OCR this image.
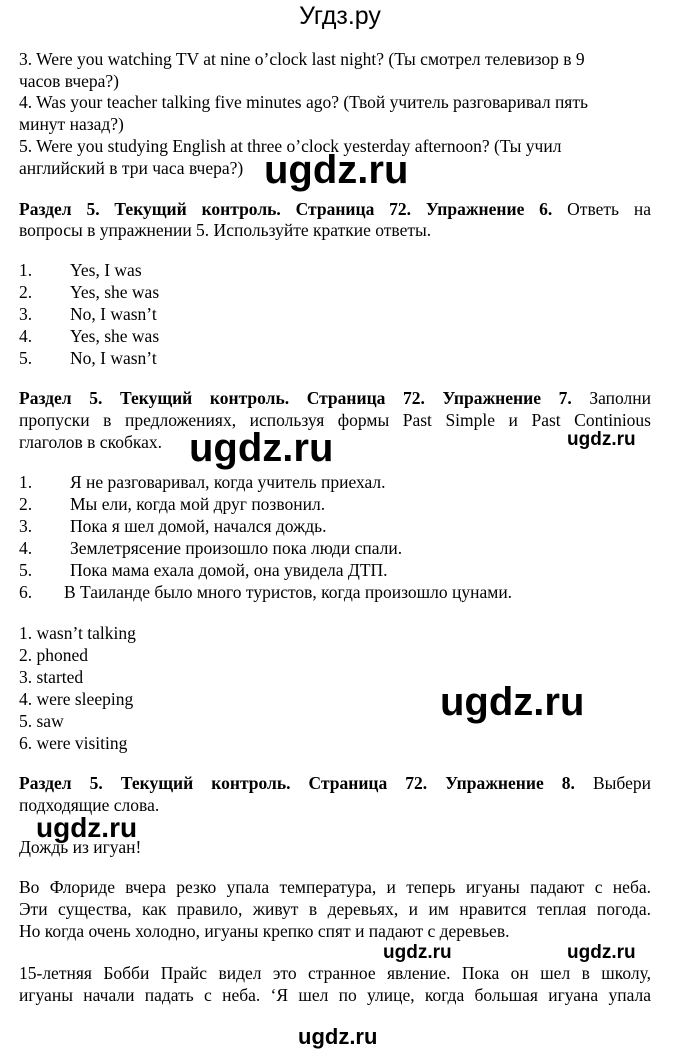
Угдз.ру
3. Were you watching TV at nine o’clock last night? (Ты смотрел телевизор в 9
часов вчера?)
4. Was your teacher talking five minutes ago? (Твой учитель разговаривал пять
минут назад?)
5. Were you studying English at three o’clock yesterday afternoon? (Ты учил
английский в три часа вчера?) ugdz.ru
Раздел 5. Текущий контроль. Страница 72. Упражнение 6. Ответь на
вопросы в упражнении 5. Используйте краткие ответы.
1. Yes, I was
2. Yes, she was
3. No, I wasn’t
4. Yes, she was
5. No, I wasn’t
Раздел 5. Текущий контроль. Страница 72. Упражнение 7. Заполни
пропуски в предложениях, используя формы Past Simple и Past Continious
глаголов в скобках. ugdz.ru	ugdz.ru
1. Я не разговаривал, когда учитель приехал.
2. Мы ели, когда мой друг позвонил.
3. Пока я шел домой, начался дождь.
4. Землетрясение произошло пока люди спали.
5. Пока мама ехала домой, она увидела ДТП.
6. В Таиланде было много туристов, когда произошло цунами.
1. wasn’t talking
2. phoned
3. started
4. were sleeping
5. saw
6. were visiting
ugdz.ru
Раздел 5. Текущий контроль. Страница 72. Упражнение 8. Выбери
подходящие слова.
ugdz.ru
Дождь из игуан!
Во Флориде вчера резко упала температура, и теперь игуаны падают с неба.
Эти существа, как правило, живут в деревьях, и им нравится теплая погода.
Но когда очень холодно, игуаны крепко спят и падают с деревьев.
ugdz.ru	ugdz.ru
15-летняя Бобби Прайс видел это странное явление. Пока он шел в школу,
игуаны начали падать с неба. ‘Я шел по улице, когда большая игуана упала
ugdz.ru
